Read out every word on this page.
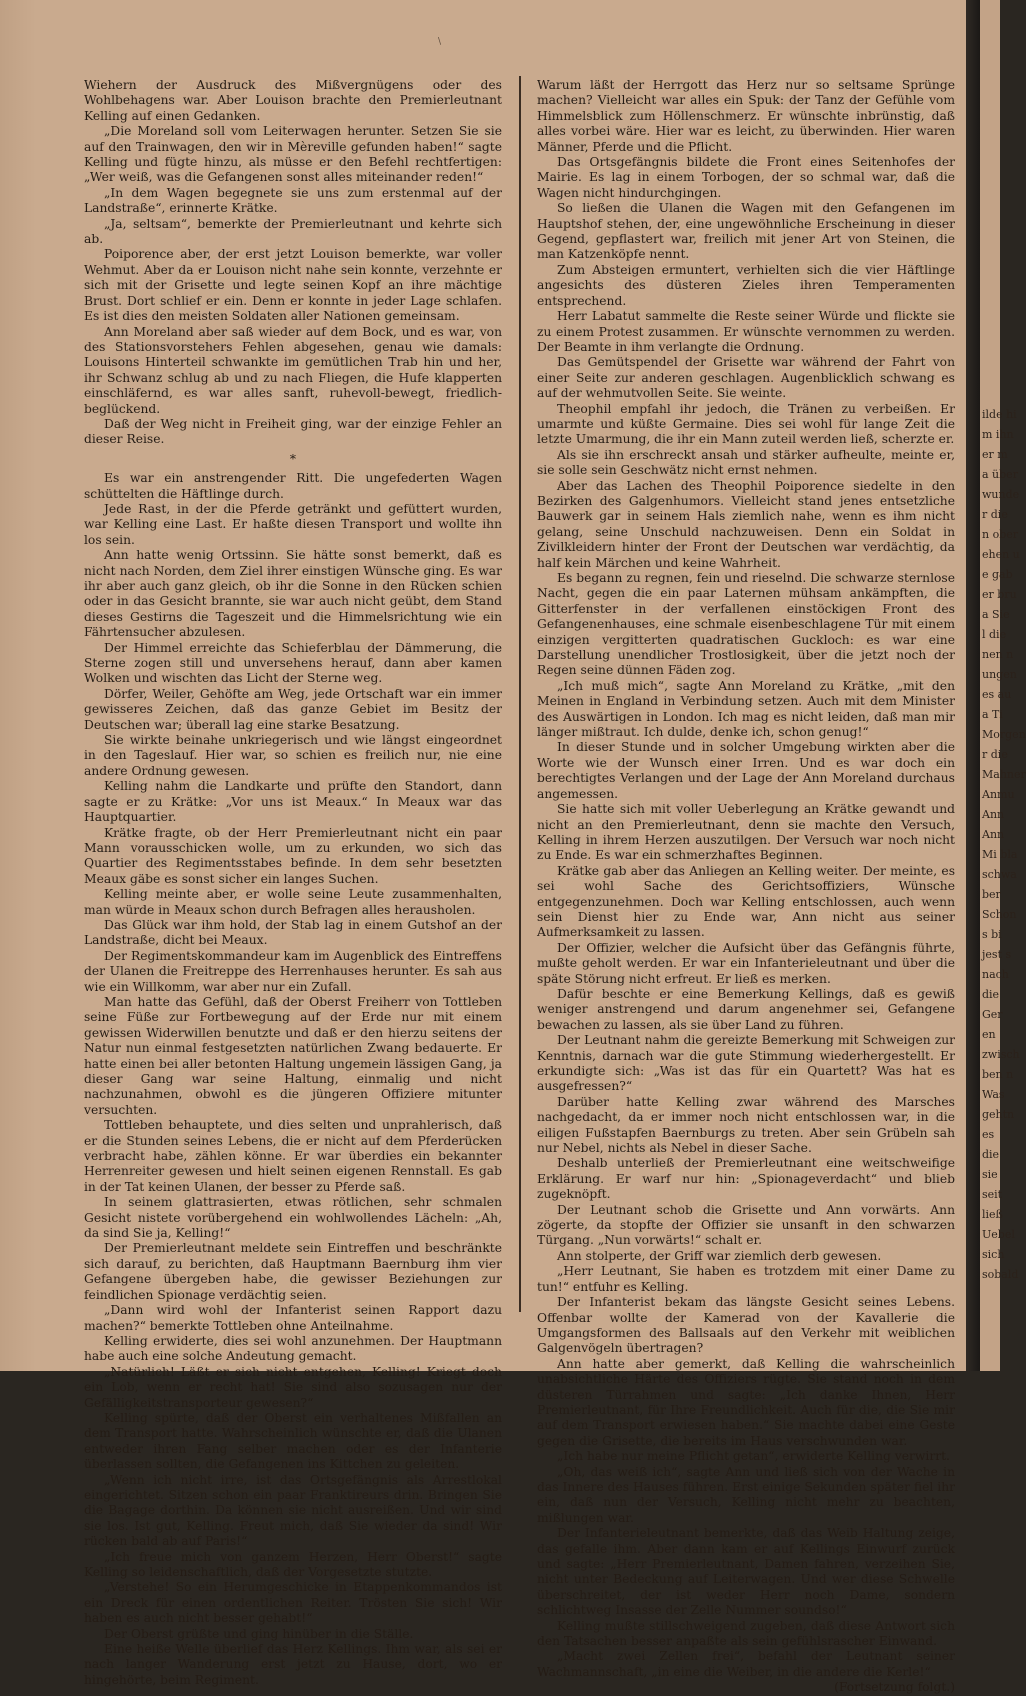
\

Wiehern der Ausdruck des Mißvergnügens oder des Wohlbehagens war. Aber Louison brachte den Premierleutnant Kelling auf einen Gedanken.

„Die Moreland soll vom Leiterwagen herunter. Setzen Sie sie auf den Trainwagen, den wir in Mèreville gefunden haben!“ sagte Kelling und fügte hinzu, als müsse er den Befehl rechtfertigen: „Wer weiß, was die Gefangenen sonst alles miteinander reden!“

„In dem Wagen begegnete sie uns zum erstenmal auf der Landstraße“, erinnerte Krätke.

„Ja, seltsam“, bemerkte der Premierleutnant und kehrte sich ab.

Poiporence aber, der erst jetzt Louison bemerkte, war voller Wehmut. Aber da er Louison nicht nahe sein konnte, verzehnte er sich mit der Grisette und legte seinen Kopf an ihre mächtige Brust. Dort schlief er ein. Denn er konnte in jeder Lage schlafen. Es ist dies den meisten Soldaten aller Nationen gemeinsam.

Ann Moreland aber saß wieder auf dem Bock, und es war, von des Stationsvorstehers Fehlen abgesehen, genau wie damals: Louisons Hinterteil schwankte im gemütlichen Trab hin und her, ihr Schwanz schlug ab und zu nach Fliegen, die Hufe klapperten einschläfernd, es war alles sanft, ruhevoll-bewegt, friedlich-beglückend.

Daß der Weg nicht in Freiheit ging, war der einzige Fehler an dieser Reise.

*

Es war ein anstrengender Ritt. Die ungefederten Wagen schüttelten die Häftlinge durch.

Jede Rast, in der die Pferde getränkt und gefüttert wurden, war Kelling eine Last. Er haßte diesen Transport und wollte ihn los sein.

Ann hatte wenig Ortssinn. Sie hätte sonst bemerkt, daß es nicht nach Norden, dem Ziel ihrer einstigen Wünsche ging. Es war ihr aber auch ganz gleich, ob ihr die Sonne in den Rücken schien oder in das Gesicht brannte, sie war auch nicht geübt, dem Stand dieses Gestirns die Tageszeit und die Himmelsrichtung wie ein Fährtensucher abzulesen.

Der Himmel erreichte das Schieferblau der Dämmerung, die Sterne zogen still und unversehens herauf, dann aber kamen Wolken und wischten das Licht der Sterne weg.

Dörfer, Weiler, Gehöfte am Weg, jede Ortschaft war ein immer gewisseres Zeichen, daß das ganze Gebiet im Besitz der Deutschen war; überall lag eine starke Besatzung.

Sie wirkte beinahe unkriegerisch und wie längst eingeordnet in den Tageslauf. Hier war, so schien es freilich nur, nie eine andere Ordnung gewesen.

Kelling nahm die Landkarte und prüfte den Standort, dann sagte er zu Krätke: „Vor uns ist Meaux.“ In Meaux war das Hauptquartier.

Krätke fragte, ob der Herr Premierleutnant nicht ein paar Mann vorausschicken wolle, um zu erkunden, wo sich das Quartier des Regimentsstabes befinde. In dem sehr besetzten Meaux gäbe es sonst sicher ein langes Suchen.

Kelling meinte aber, er wolle seine Leute zusammenhalten, man würde in Meaux schon durch Befragen alles herausholen.

Das Glück war ihm hold, der Stab lag in einem Gutshof an der Landstraße, dicht bei Meaux.

Der Regimentskommandeur kam im Augenblick des Eintreffens der Ulanen die Freitreppe des Herrenhauses herunter. Es sah aus wie ein Willkomm, war aber nur ein Zufall.

Man hatte das Gefühl, daß der Oberst Freiherr von Tottleben seine Füße zur Fortbewegung auf der Erde nur mit einem gewissen Widerwillen benutzte und daß er den hierzu seitens der Natur nun einmal festgesetzten natürlichen Zwang bedauerte. Er hatte einen bei aller betonten Haltung ungemein lässigen Gang, ja dieser Gang war seine Haltung, einmalig und nicht nachzunahmen, obwohl es die jüngeren Offiziere mitunter versuchten.

Tottleben behauptete, und dies selten und unprahlerisch, daß er die Stunden seines Lebens, die er nicht auf dem Pferderücken verbracht habe, zählen könne. Er war überdies ein bekannter Herrenreiter gewesen und hielt seinen eigenen Rennstall. Es gab in der Tat keinen Ulanen, der besser zu Pferde saß.

In seinem glattrasierten, etwas rötlichen, sehr schmalen Gesicht nistete vorübergehend ein wohlwollendes Lächeln: „Ah, da sind Sie ja, Kelling!“

Der Premierleutnant meldete sein Eintreffen und beschränkte sich darauf, zu berichten, daß Hauptmann Baernburg ihm vier Gefangene übergeben habe, die gewisser Beziehungen zur feindlichen Spionage verdächtig seien.

„Dann wird wohl der Infanterist seinen Rapport dazu machen?“ bemerkte Tottleben ohne Anteilnahme.

Kelling erwiderte, dies sei wohl anzunehmen. Der Hauptmann habe auch eine solche Andeutung gemacht.

„Natürlich! Läßt er sich nicht entgehen, Kelling! Kriegt doch ein Lob, wenn er recht hat! Sie sind also sozusagen nur der Gefälligkeitstransporteur gewesen?“

Kelling spürte, daß der Oberst ein verhaltenes Mißfallen an dem Transport hatte. Wahrscheinlich wünschte er, daß die Ulanen entweder ihren Fang selber machen oder es der Infanterie überlassen sollten, die Gefangenen ins Kittchen zu geleiten.

„Wenn ich nicht irre, ist das Ortsgefängnis als Arrestlokal eingerichtet. Sitzen schon ein paar Franktireurs drin. Bringen Sie die Bagage dorthin. Da können sie nicht ausreißen. Und wir sind sie los. Ist gut, Kelling. Freut mich, daß Sie wieder da sind! Wir rücken bald ab auf Paris!“

„Ich freue mich von ganzem Herzen, Herr Oberst!“ sagte Kelling so leidenschaftlich, daß der Vorgesetzte stutzte.

„Verstehe! So ein Herumgeschicke in Etappenkommandos ist ein Dreck für einen ordentlichen Reiter. Trösten Sie sich! Wir haben es auch nicht besser gehabt!“

Der Oberst grüßte und ging hinüber in die Ställe.

Eine heiße Welle überlief das Herz Kellings. Ihm war, als sei er nach langer Wanderung erst jetzt zu Hause, dort, wo er hingehörte, beim Regiment.

Warum läßt der Herrgott das Herz nur so seltsame Sprünge machen? Vielleicht war alles ein Spuk: der Tanz der Gefühle vom Himmelsblick zum Höllenschmerz. Er wünschte inbrünstig, daß alles vorbei wäre. Hier war es leicht, zu überwinden. Hier waren Männer, Pferde und die Pflicht.

Das Ortsgefängnis bildete die Front eines Seitenhofes der Mairie. Es lag in einem Torbogen, der so schmal war, daß die Wagen nicht hindurchgingen.

So ließen die Ulanen die Wagen mit den Gefangenen im Hauptshof stehen, der, eine ungewöhnliche Erscheinung in dieser Gegend, gepflastert war, freilich mit jener Art von Steinen, die man Katzenköpfe nennt.

Zum Absteigen ermuntert, verhielten sich die vier Häftlinge angesichts des düsteren Zieles ihren Temperamenten entsprechend.

Herr Labatut sammelte die Reste seiner Würde und flickte sie zu einem Protest zusammen. Er wünschte vernommen zu werden. Der Beamte in ihm verlangte die Ordnung.

Das Gemütspendel der Grisette war während der Fahrt von einer Seite zur anderen geschlagen. Augenblicklich schwang es auf der wehmutvollen Seite. Sie weinte.

Theophil empfahl ihr jedoch, die Tränen zu verbeißen. Er umarmte und küßte Germaine. Dies sei wohl für lange Zeit die letzte Umarmung, die ihr ein Mann zuteil werden ließ, scherzte er.

Als sie ihn erschreckt ansah und stärker aufheulte, meinte er, sie solle sein Geschwätz nicht ernst nehmen.

Aber das Lachen des Theophil Poiporence siedelte in den Bezirken des Galgenhumors. Vielleicht stand jenes entsetzliche Bauwerk gar in seinem Hals ziemlich nahe, wenn es ihm nicht gelang, seine Unschuld nachzuweisen. Denn ein Soldat in Zivilkleidern hinter der Front der Deutschen war verdächtig, da half kein Märchen und keine Wahrheit.

Es begann zu regnen, fein und rieselnd. Die schwarze sternlose Nacht, gegen die ein paar Laternen mühsam ankämpften, die Gitterfenster in der verfallenen einstöckigen Front des Gefangenenhauses, eine schmale eisenbeschlagene Tür mit einem einzigen vergitterten quadratischen Guckloch: es war eine Darstellung unendlicher Trostlosigkeit, über die jetzt noch der Regen seine dünnen Fäden zog.

„Ich muß mich“, sagte Ann Moreland zu Krätke, „mit den Meinen in England in Verbindung setzen. Auch mit dem Minister des Auswärtigen in London. Ich mag es nicht leiden, daß man mir länger mißtraut. Ich dulde, denke ich, schon genug!“

In dieser Stunde und in solcher Umgebung wirkten aber die Worte wie der Wunsch einer Irren. Und es war doch ein berechtigtes Verlangen und der Lage der Ann Moreland durchaus angemessen.

Sie hatte sich mit voller Ueberlegung an Krätke gewandt und nicht an den Premierleutnant, denn sie machte den Versuch, Kelling in ihrem Herzen auszutilgen. Der Versuch war noch nicht zu Ende. Es war ein schmerzhaftes Beginnen.

Krätke gab aber das Anliegen an Kelling weiter. Der meinte, es sei wohl Sache des Gerichtsoffiziers, Wünsche entgegenzunehmen. Doch war Kelling entschlossen, auch wenn sein Dienst hier zu Ende war, Ann nicht aus seiner Aufmerksamkeit zu lassen.

Der Offizier, welcher die Aufsicht über das Gefängnis führte, mußte geholt werden. Er war ein Infanterieleutnant und über die späte Störung nicht erfreut. Er ließ es merken.

Dafür beschte er eine Bemerkung Kellings, daß es gewiß weniger anstrengend und darum angenehmer sei, Gefangene bewachen zu lassen, als sie über Land zu führen.

Der Leutnant nahm die gereizte Bemerkung mit Schweigen zur Kenntnis, darnach war die gute Stimmung wiederhergestellt. Er erkundigte sich: „Was ist das für ein Quartett? Was hat es ausgefressen?“

Darüber hatte Kelling zwar während des Marsches nachgedacht, da er immer noch nicht entschlossen war, in die eiligen Fußstapfen Baernburgs zu treten. Aber sein Grübeln sah nur Nebel, nichts als Nebel in dieser Sache.

Deshalb unterließ der Premierleutnant eine weitschweifige Erklärung. Er warf nur hin: „Spionageverdacht“ und blieb zugeknöpft.

Der Leutnant schob die Grisette und Ann vorwärts. Ann zögerte, da stopfte der Offizier sie unsanft in den schwarzen Türgang. „Nun vorwärts!“ schalt er.

Ann stolperte, der Griff war ziemlich derb gewesen.

„Herr Leutnant, Sie haben es trotzdem mit einer Dame zu tun!“ entfuhr es Kelling.

Der Infanterist bekam das längste Gesicht seines Lebens. Offenbar wollte der Kamerad von der Kavallerie die Umgangsformen des Ballsaals auf den Verkehr mit weiblichen Galgenvögeln übertragen?

Ann hatte aber gemerkt, daß Kelling die wahrscheinlich unabsichtliche Härte des Offiziers rügte. Sie stand noch in dem düsteren Türrahmen und sagte: „Ich danke Ihnen, Herr Premierleutnant, für Ihre Freundlichkeit. Auch für die, die Sie mir auf dem Transport erwiesen haben.“ Sie machte dabei eine Geste gegen die Grisette, die bereits im Haus verschwunden war.

„Ich habe nur meine Pflicht getan“, erwiderte Kelling verwirrt.

„Oh, das weiß ich“, sagte Ann und ließ sich von der Wache in das Innere des Hauses führen. Erst einige Sekunden später fiel ihr ein, daß nun der Versuch, Kelling nicht mehr zu beachten, mißlungen war.

Der Infanterieleutnant bemerkte, daß das Weib Haltung zeige, das gefalle ihm. Aber dann kam er auf Kellings Einwurf zurück und sagte: „Herr Premierleutnant, Damen fahren, verzeihen Sie, nicht unter Bedeckung auf Leiterwagen. Und wer diese Schwelle überschreitet, der ist weder Herr noch Dame, sondern schlichtweg Insasse der Zelle Nummer soundso!“

Kelling mußte stillschweigend zugeben, daß diese Antwort sich den Tatsachen besser anpaßte als sein gefühlsrascher Einwand.

„Macht zwei Zellen frei“, befahl der Leutnant seiner Wachmannschaft, „in eine die Weiber, in die andere die Kerle!“

(Fortsetzung folgt.)

ilde hi
m ihn
er m
a über
wunde
r die
n ober
ehen u
e gab
er bru
a Sie
l die
nen n
ungen
es au
a Ti
Morgen
r die
Mahner
Anmu
Ann
Ann
Mi bla
schwa
ber
Schon
s bi
jest s
nach
die
Ger
en
zwisch
ben n
Was
gehtn
es
die
sie
seit
ließ
Uebel
sich
sobald
